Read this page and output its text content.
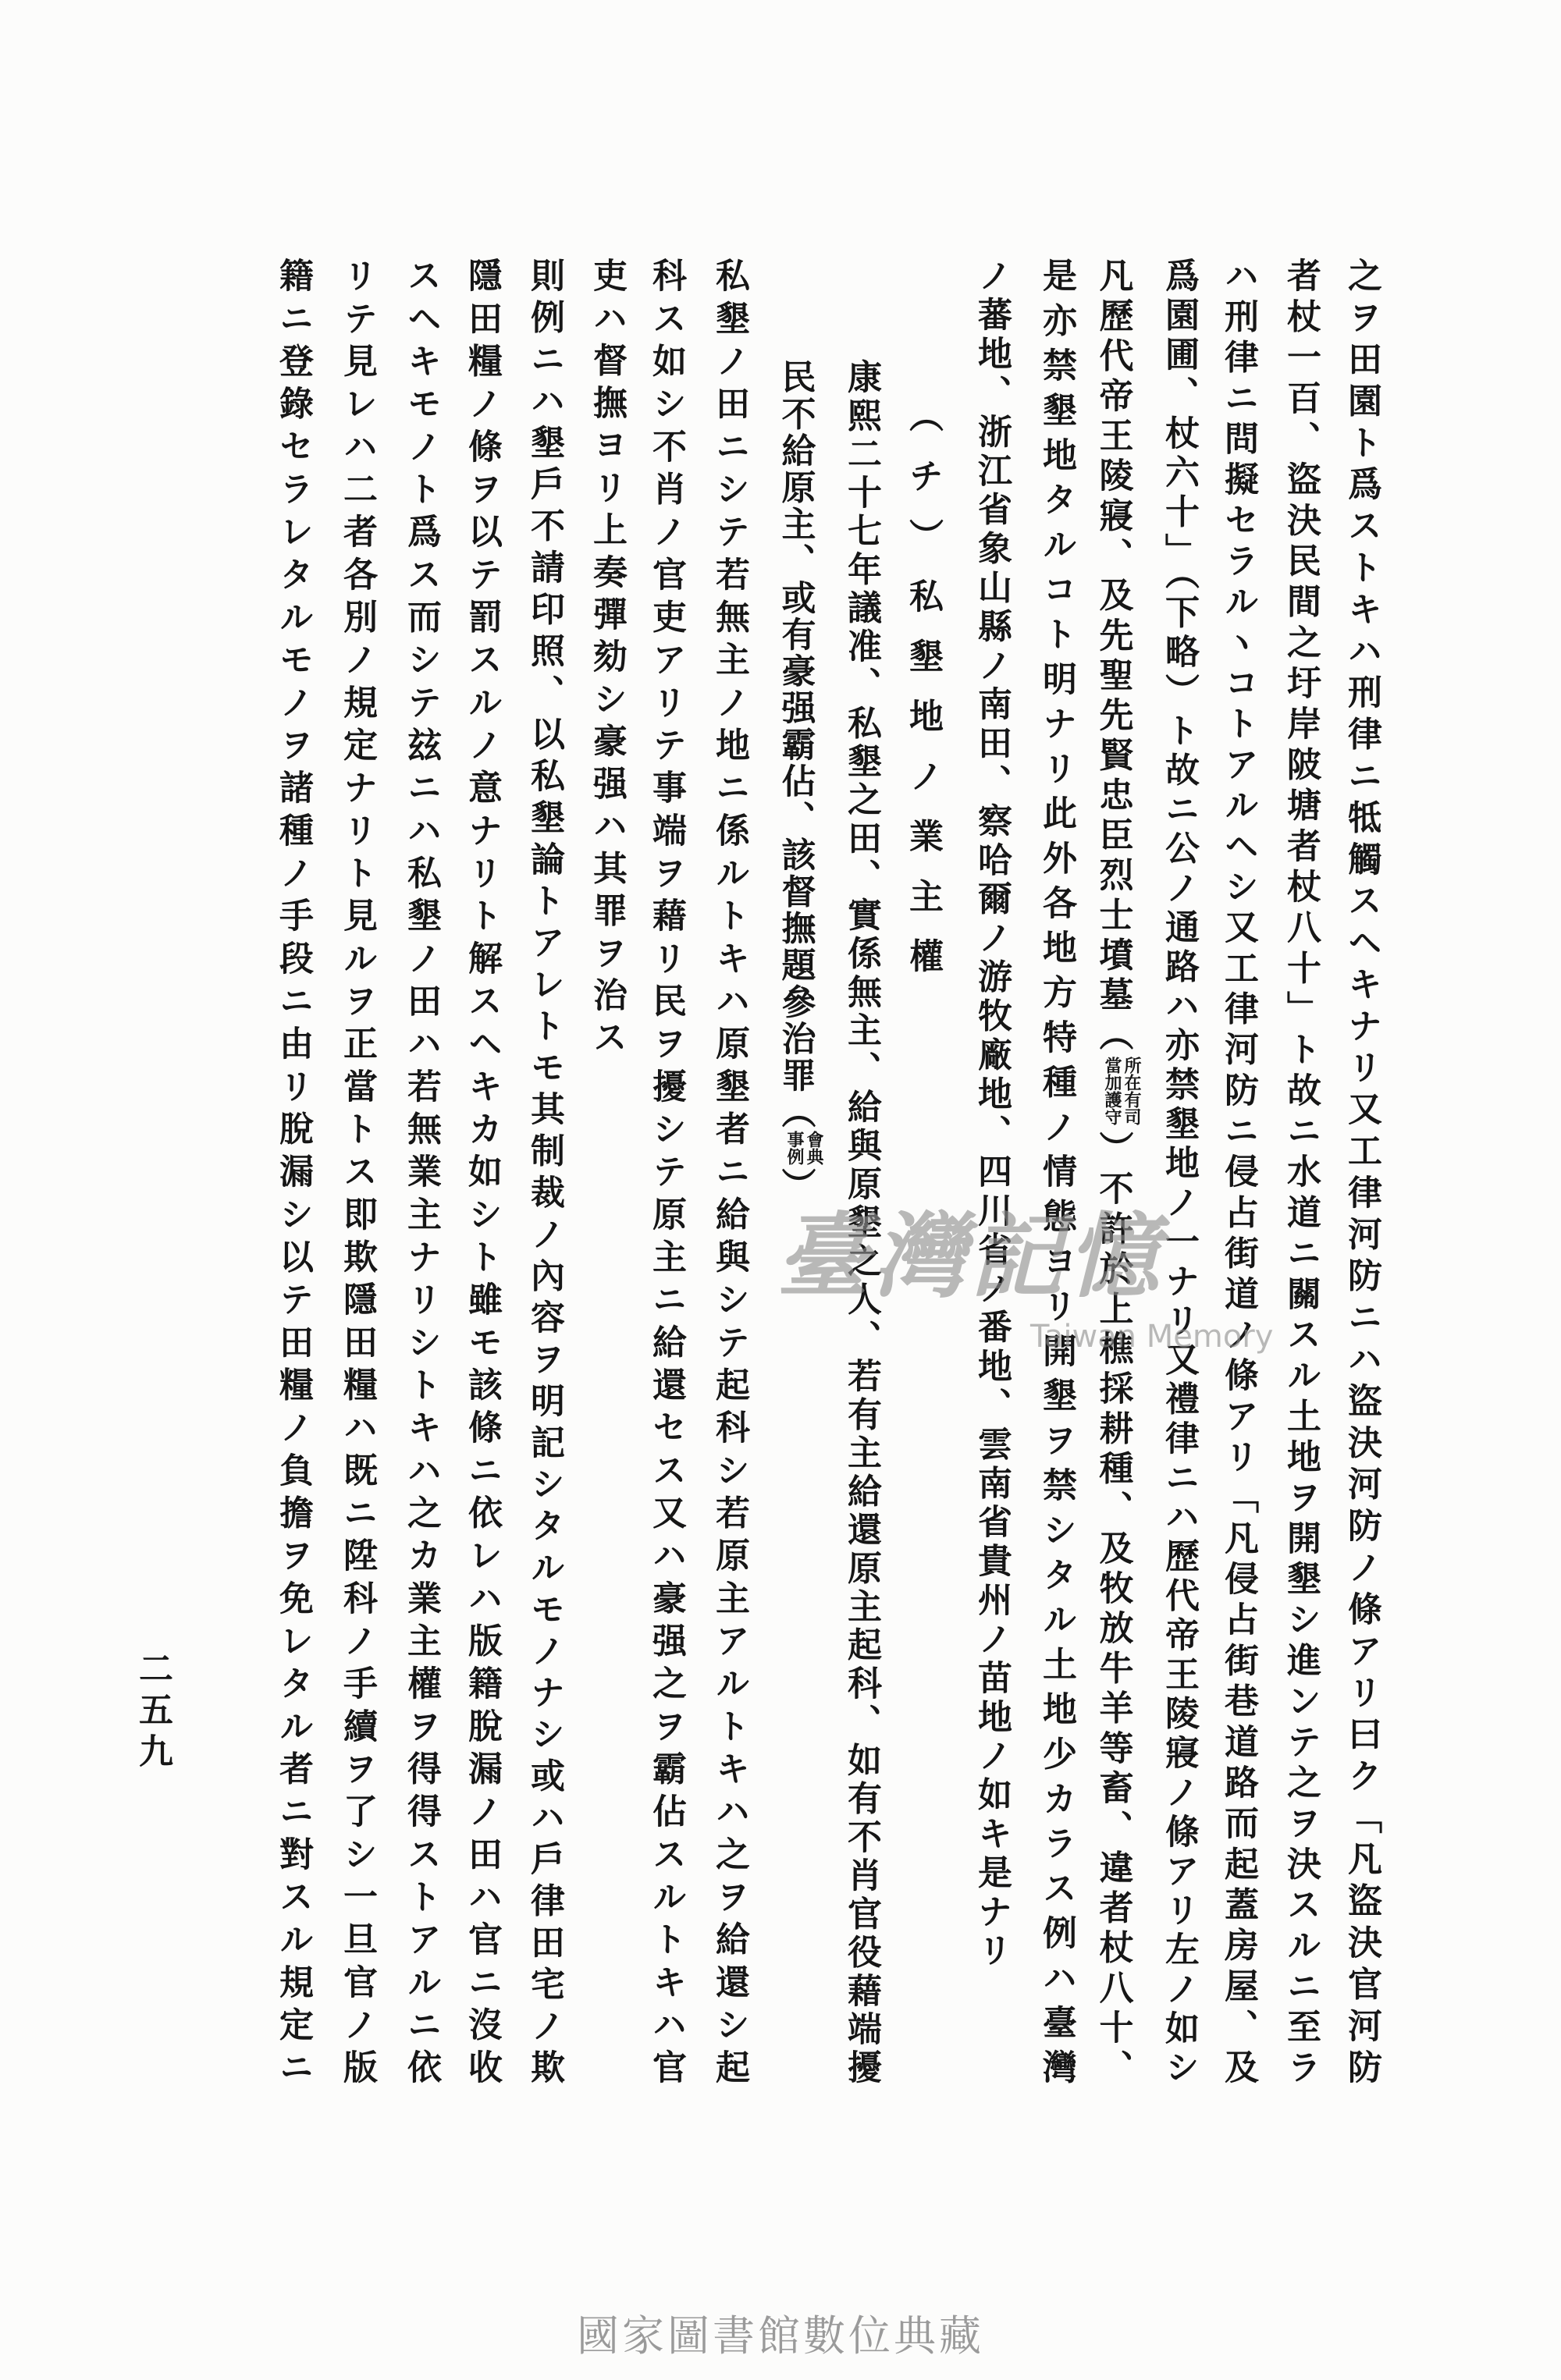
之ヲ田園ト爲ストキハ刑律ニ牴觸スヘキナリ又工律河防ニハ盜決河防ノ條アリ曰ク「凡盜決官河防
者杖一百、盜決民間之圩岸陂塘者杖八十」ト故ニ水道ニ關スル土地ヲ開墾シ進ンテ之ヲ決スルニ至ラ
ハ刑律ニ問擬セラルヽコトアルヘシ又工律河防ニ侵占街道ノ條アリ「凡侵占街巷道路而起蓋房屋、及
爲園圃、杖六十」（下略）ト故ニ公ノ通路ハ亦禁墾地ノ一ナリ又禮律ニハ歷代帝王陵寢ノ條アリ左ノ如シ
凡歷代帝王陵寢、及先聖先賢忠臣烈士墳墓（
所在有司
當加護守
）不許於上樵採耕種、及牧放牛羊等畜、違者杖八十、
是亦禁墾地タルコト明ナリ此外各地方特種ノ情態ヨリ開墾ヲ禁シタル土地少カラス例ハ臺灣
ノ蕃地、浙江省象山縣ノ南田、察哈爾ノ游牧廠地、四川省ノ番地、雲南省貴州ノ苗地ノ如キ是ナリ
（チ）私墾地ノ業主權
康熙二十七年議准、私墾之田、實係無主、給與原墾之人、若有主給還原主起科、如有不肖官役藉端擾
民不給原主、或有豪强霸佔、該督撫題參治罪（
會典
事例
）
私墾ノ田ニシテ若無主ノ地ニ係ルトキハ原墾者ニ給與シテ起科シ若原主アルトキハ之ヲ給還シ起
科ス如シ不肖ノ官吏アリテ事端ヲ藉リ民ヲ擾シテ原主ニ給還セス又ハ豪强之ヲ霸佔スルトキハ官
吏ハ督撫ヨリ上奏彈劾シ豪强ハ其罪ヲ治ス
則例ニハ墾戶不請印照、以私墾論トアレトモ其制裁ノ內容ヲ明記シタルモノナシ或ハ戶律田宅ノ欺
隱田糧ノ條ヲ以テ罰スルノ意ナリト解スヘキカ如シト雖モ該條ニ依レハ版籍脫漏ノ田ハ官ニ沒收
スヘキモノト爲ス而シテ玆ニハ私墾ノ田ハ若無業主ナリシトキハ之カ業主權ヲ得得ストアルニ依
リテ見レハ二者各別ノ規定ナリト見ルヲ正當トス即欺隱田糧ハ既ニ陞科ノ手續ヲ了シ一旦官ノ版
籍ニ登錄セラレタルモノヲ諸種ノ手段ニ由リ脫漏シ以テ田糧ノ負擔ヲ免レタル者ニ對スル規定ニ
二五九
臺灣記憶
Taiwan Memory
國家圖書館數位典藏
